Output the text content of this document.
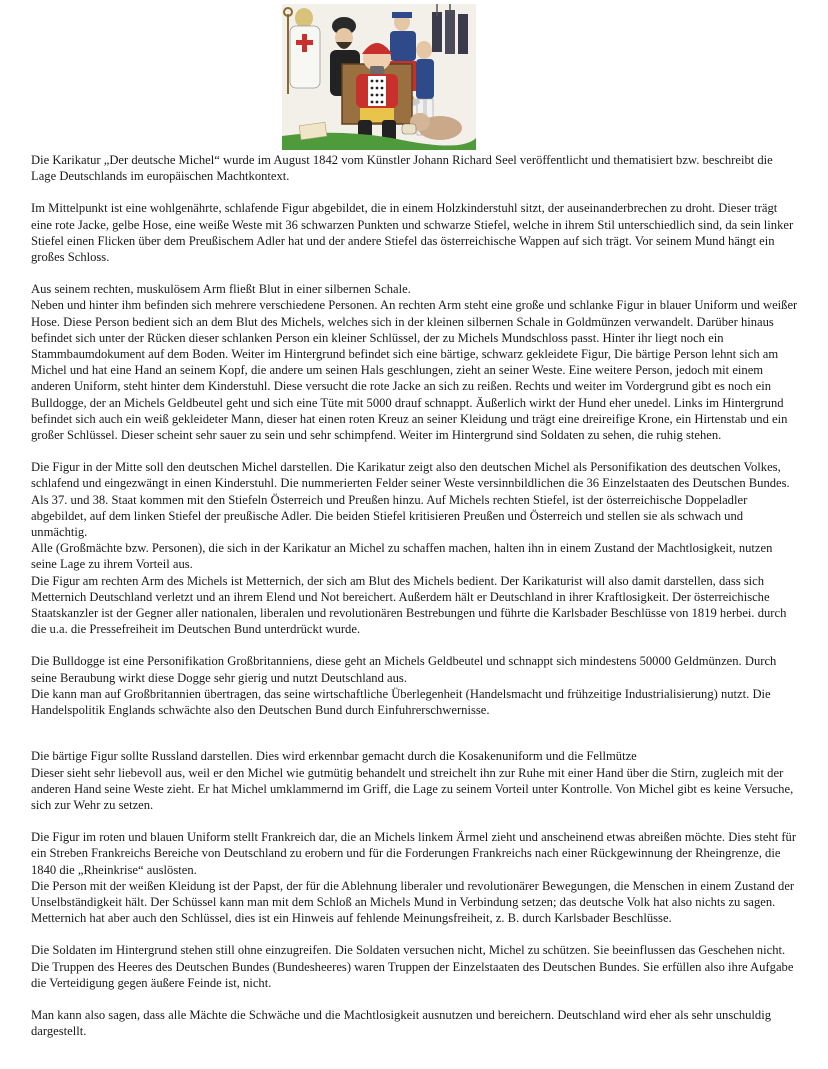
Die Karikatur „Der deutsche Michel“ wurde im August 1842 vom Künstler Johann Richard Seel veröffentlicht und thematisiert bzw. beschreibt die Lage Deutschlands im europäischen Machtkontext.

Im Mittelpunkt ist eine wohlgenährte, schlafende Figur abgebildet, die in einem Holzkinderstuhl sitzt, der auseinanderbrechen zu droht. Dieser trägt eine rote Jacke, gelbe Hose, eine weiße Weste mit 36 schwarzen Punkten und schwarze Stiefel, welche in ihrem Stil unterschiedlich sind, da sein linker Stiefel einen Flicken über dem Preußischem Adler hat und der andere Stiefel das österreichische Wappen auf sich trägt. Vor seinem Mund hängt ein großes Schloss.

Aus seinem rechten, muskulösem Arm fließt Blut in einer silbernen Schale.
Neben und hinter ihm befinden sich mehrere verschiedene Personen. An rechten Arm steht eine große und schlanke Figur in blauer Uniform und weißer Hose. Diese Person bedient sich an dem Blut des Michels, welches sich in der kleinen silbernen Schale in Goldmünzen verwandelt. Darüber hinaus befindet sich unter der Rücken dieser schlanken Person ein kleiner Schlüssel, der zu Michels Mundschloss passt. Hinter ihr liegt noch ein Stammbaumdokument auf dem Boden. Weiter im Hintergrund befindet sich eine bärtige, schwarz gekleidete Figur, Die bärtige Person lehnt sich am Michel und hat eine Hand an seinem Kopf, die andere um seinen Hals geschlungen, zieht an seiner Weste. Eine weitere Person, jedoch mit einem anderen Uniform, steht hinter dem Kinderstuhl. Diese versucht die rote Jacke an sich zu reißen. Rechts und weiter im Vordergrund gibt es noch ein Bulldogge, der an Michels Geldbeutel geht und sich eine Tüte mit 5000 drauf schnappt. Äußerlich wirkt der Hund eher unedel. Links im Hintergrund befindet sich auch ein weiß gekleideter Mann, dieser hat einen roten Kreuz an seiner Kleidung und trägt eine dreireifige Krone, ein Hirtenstab und ein großer Schlüssel. Dieser scheint sehr sauer zu sein und sehr schimpfend. Weiter im Hintergrund sind Soldaten zu sehen, die ruhig stehen.

Die Figur in der Mitte soll den deutschen Michel darstellen. Die Karikatur zeigt also den deutschen Michel als Personifikation des deutschen Volkes, schlafend und eingezwängt in einen Kinderstuhl. Die nummerierten Felder seiner Weste versinnbildlichen die 36 Einzelstaaten des Deutschen Bundes. Als 37. und 38. Staat kommen mit den Stiefeln Österreich und Preußen hinzu. Auf Michels rechten Stiefel, ist der österreichische Doppeladler abgebildet, auf dem linken Stiefel der preußische Adler. Die beiden Stiefel kritisieren Preußen und Österreich und stellen sie als schwach und unmächtig.
Alle (Großmächte bzw. Personen), die sich in der Karikatur an Michel zu schaffen machen, halten ihn in einem Zustand der Machtlosigkeit, nutzen seine Lage zu ihrem Vorteil aus.
Die Figur am rechten Arm des Michels ist Metternich, der sich am Blut des Michels bedient. Der Karikaturist will also damit darstellen, dass sich Metternich Deutschland verletzt und an ihrem Elend und Not bereichert. Außerdem hält er Deutschland in ihrer Kraftlosigkeit. Der österreichische Staatskanzler ist der Gegner aller nationalen, liberalen und revolutionären Bestrebungen und führte die Karlsbader Beschlüsse von 1819 herbei. durch die u.a. die Pressefreiheit im Deutschen Bund unterdrückt wurde.

Die Bulldogge ist eine Personifikation Großbritanniens, diese geht an Michels Geldbeutel und schnappt sich mindestens 50000 Geldmünzen. Durch seine Beraubung wirkt diese Dogge sehr gierig und nutzt Deutschland aus.
Die kann man auf Großbritannien übertragen, das seine wirtschaftliche Überlegenheit (Handelsmacht und frühzeitige Industrialisierung) nutzt. Die Handelspolitik Englands schwächte also den Deutschen Bund durch Einfuhrerschwernisse.

Die bärtige Figur sollte Russland darstellen. Dies wird erkennbar gemacht durch die Kosakenuniform und die Fellmütze
Dieser sieht sehr liebevoll aus, weil er den Michel wie gutmütig behandelt und streichelt ihn zur Ruhe mit einer Hand über die Stirn, zugleich mit der anderen Hand seine Weste zieht. Er hat Michel umklammernd im Griff, die Lage zu seinem Vorteil unter Kontrolle. Von Michel gibt es keine Versuche, sich zur Wehr zu setzen.

Die Figur im roten und blauen Uniform stellt Frankreich dar, die an Michels linkem Ärmel zieht und anscheinend etwas abreißen möchte. Dies steht für ein Streben Frankreichs Bereiche von Deutschland zu erobern und für die Forderungen Frankreichs nach einer Rückgewinnung der Rheingrenze, die 1840 die „Rheinkrise“ auslösten.
Die Person mit der weißen Kleidung ist der Papst, der für die Ablehnung liberaler und revolutionärer Bewegungen, die Menschen in einem Zustand der Unselbständigkeit hält. Der Schüssel kann man mit dem Schloß an Michels Mund in Verbindung setzen; das deutsche Volk hat also nichts zu sagen. Metternich hat aber auch den Schlüssel, dies ist ein Hinweis auf fehlende Meinungsfreiheit, z. B. durch Karlsbader Beschlüsse.

Die Soldaten im Hintergrund stehen still ohne einzugreifen. Die Soldaten versuchen nicht, Michel zu schützen. Sie beeinflussen das Geschehen nicht. Die Truppen des Heeres des Deutschen Bundes (Bundesheeres) waren Truppen der Einzelstaaten des Deutschen Bundes. Sie erfüllen also ihre Aufgabe die Verteidigung gegen äußere Feinde ist, nicht.

Man kann also sagen, dass alle Mächte die Schwäche und die Machtlosigkeit ausnutzen und bereichern. Deutschland wird eher als sehr unschuldig dargestellt.
